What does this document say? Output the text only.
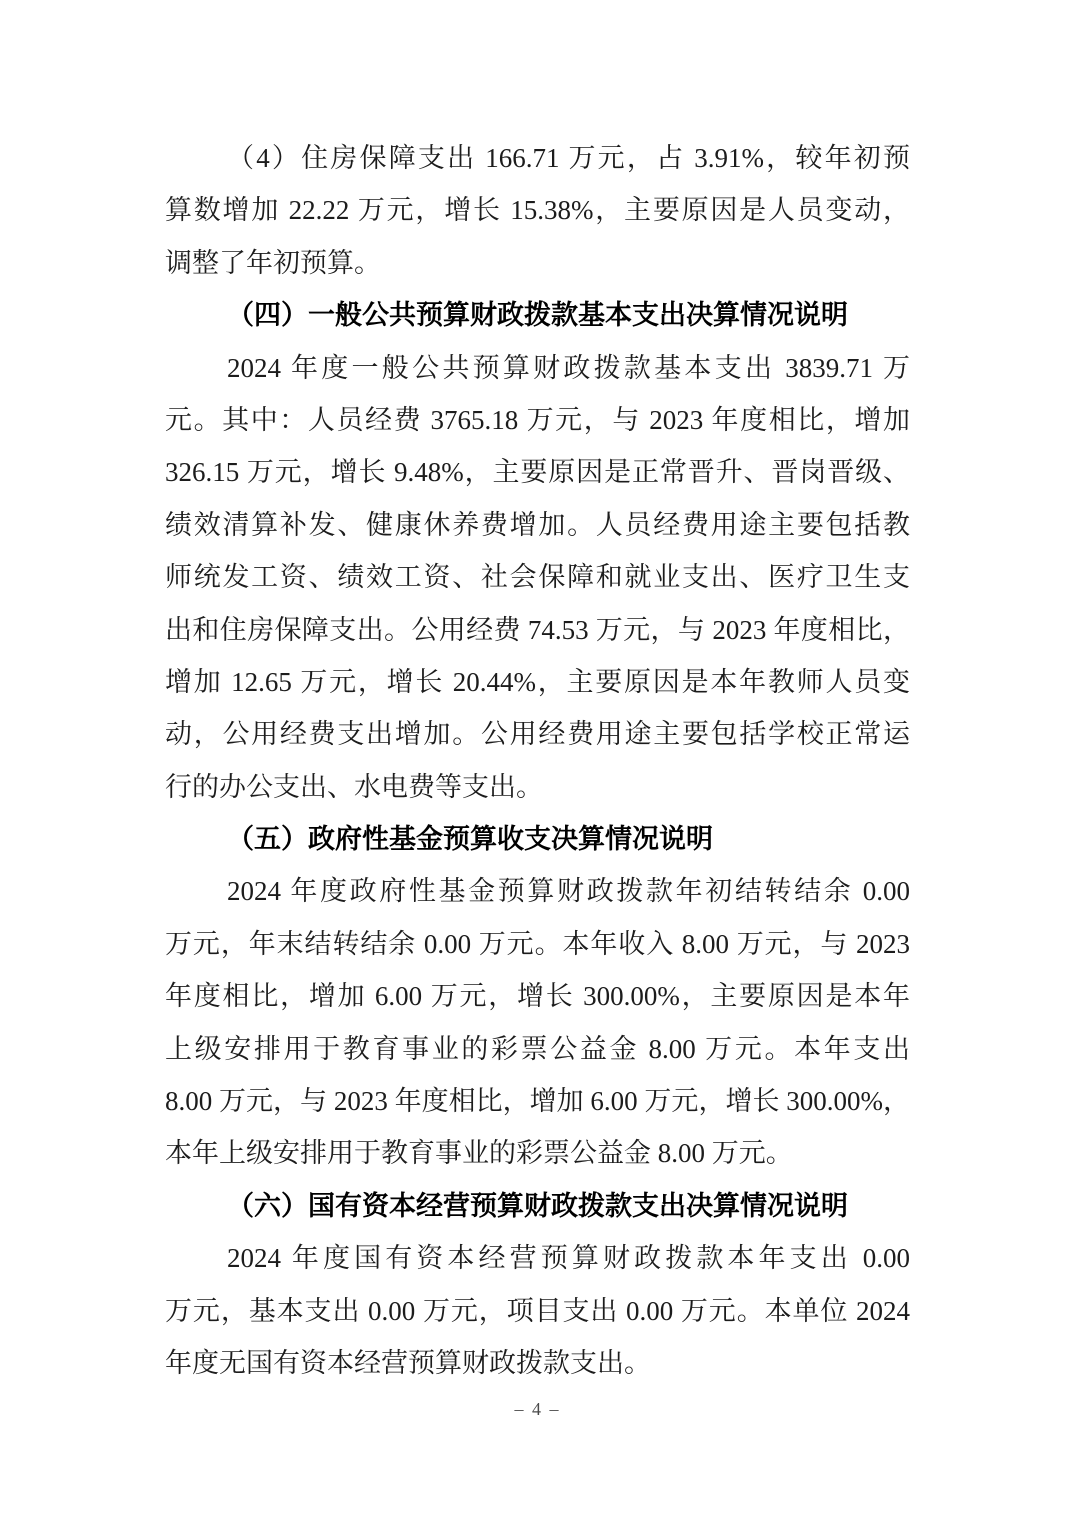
（4）住房保障支出 166.71 万元，占 3.91%，较年初预
算数增加 22.22 万元，增长 15.38%，主要原因是人员变动，
调整了年初预算。
（四）一般公共预算财政拨款基本支出决算情况说明
2024 年度一般公共预算财政拨款基本支出 3839.71 万
元。其中：人员经费 3765.18 万元，与 2023 年度相比，增加
326.15 万元，增长 9.48%，主要原因是正常晋升、晋岗晋级、
绩效清算补发、健康休养费增加。人员经费用途主要包括教
师统发工资、绩效工资、社会保障和就业支出、医疗卫生支
出和住房保障支出。公用经费 74.53 万元，与 2023 年度相比，
增加 12.65 万元，增长 20.44%，主要原因是本年教师人员变
动，公用经费支出增加。公用经费用途主要包括学校正常运
行的办公支出、水电费等支出。
（五）政府性基金预算收支决算情况说明
2024 年度政府性基金预算财政拨款年初结转结余 0.00
万元，年末结转结余 0.00 万元。本年收入 8.00 万元，与 2023
年度相比，增加 6.00 万元，增长 300.00%，主要原因是本年
上级安排用于教育事业的彩票公益金 8.00 万元。本年支出
8.00 万元，与 2023 年度相比，增加 6.00 万元，增长 300.00%，
本年上级安排用于教育事业的彩票公益金 8.00 万元。
（六）国有资本经营预算财政拨款支出决算情况说明
2024 年度国有资本经营预算财政拨款本年支出 0.00
万元，基本支出 0.00 万元，项目支出 0.00 万元。本单位 2024
年度无国有资本经营预算财政拨款支出。
– 4 –
